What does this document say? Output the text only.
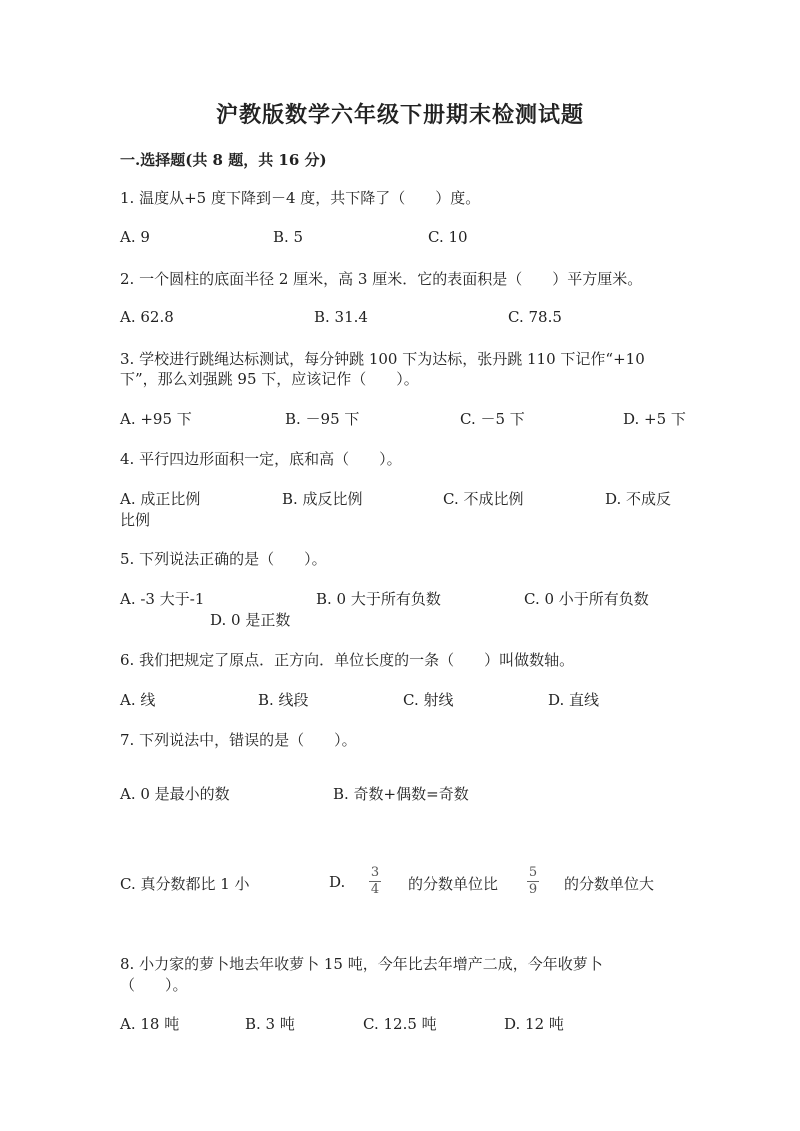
沪教版数学六年级下册期末检测试题
一.选择题(共 8 题，共 16 分)
1. 温度从+5 度下降到－4 度，共下降了（　　）度。
A. 9	B. 5	C. 10
2. 一个圆柱的底面半径 2 厘米，高 3 厘米．它的表面积是（　　）平方厘米。
A. 62.8	B. 31.4	C. 78.5
3. 学校进行跳绳达标测试，每分钟跳 100 下为达标，张丹跳 110 下记作“+10
下”，那么刘强跳 95 下，应该记作（　　）。
A. +95 下	B. －95 下	C. －5 下	D. +5 下
4. 平行四边形面积一定，底和高（　　）。
A. 成正比例	B. 成反比例	C. 不成比例	D. 不成反
比例
5. 下列说法正确的是（　　）。
A. -3 大于-1	B. 0 大于所有负数	C. 0 小于所有负数
D. 0 是正数
6. 我们把规定了原点．正方向．单位长度的一条（　　）叫做数轴。
A. 线	B. 线段	C. 射线	D. 直线
7. 下列说法中，错误的是（　　）。
A. 0 是最小的数	B. 奇数+偶数=奇数
C. 真分数都比 1 小	D.
3
4 的分数单位比
5
9 的分数单位大
8. 小力家的萝卜地去年收萝卜 15 吨，今年比去年增产二成，今年收萝卜
（　　）。
A. 18 吨	B. 3 吨	C. 12.5 吨	D. 12 吨
